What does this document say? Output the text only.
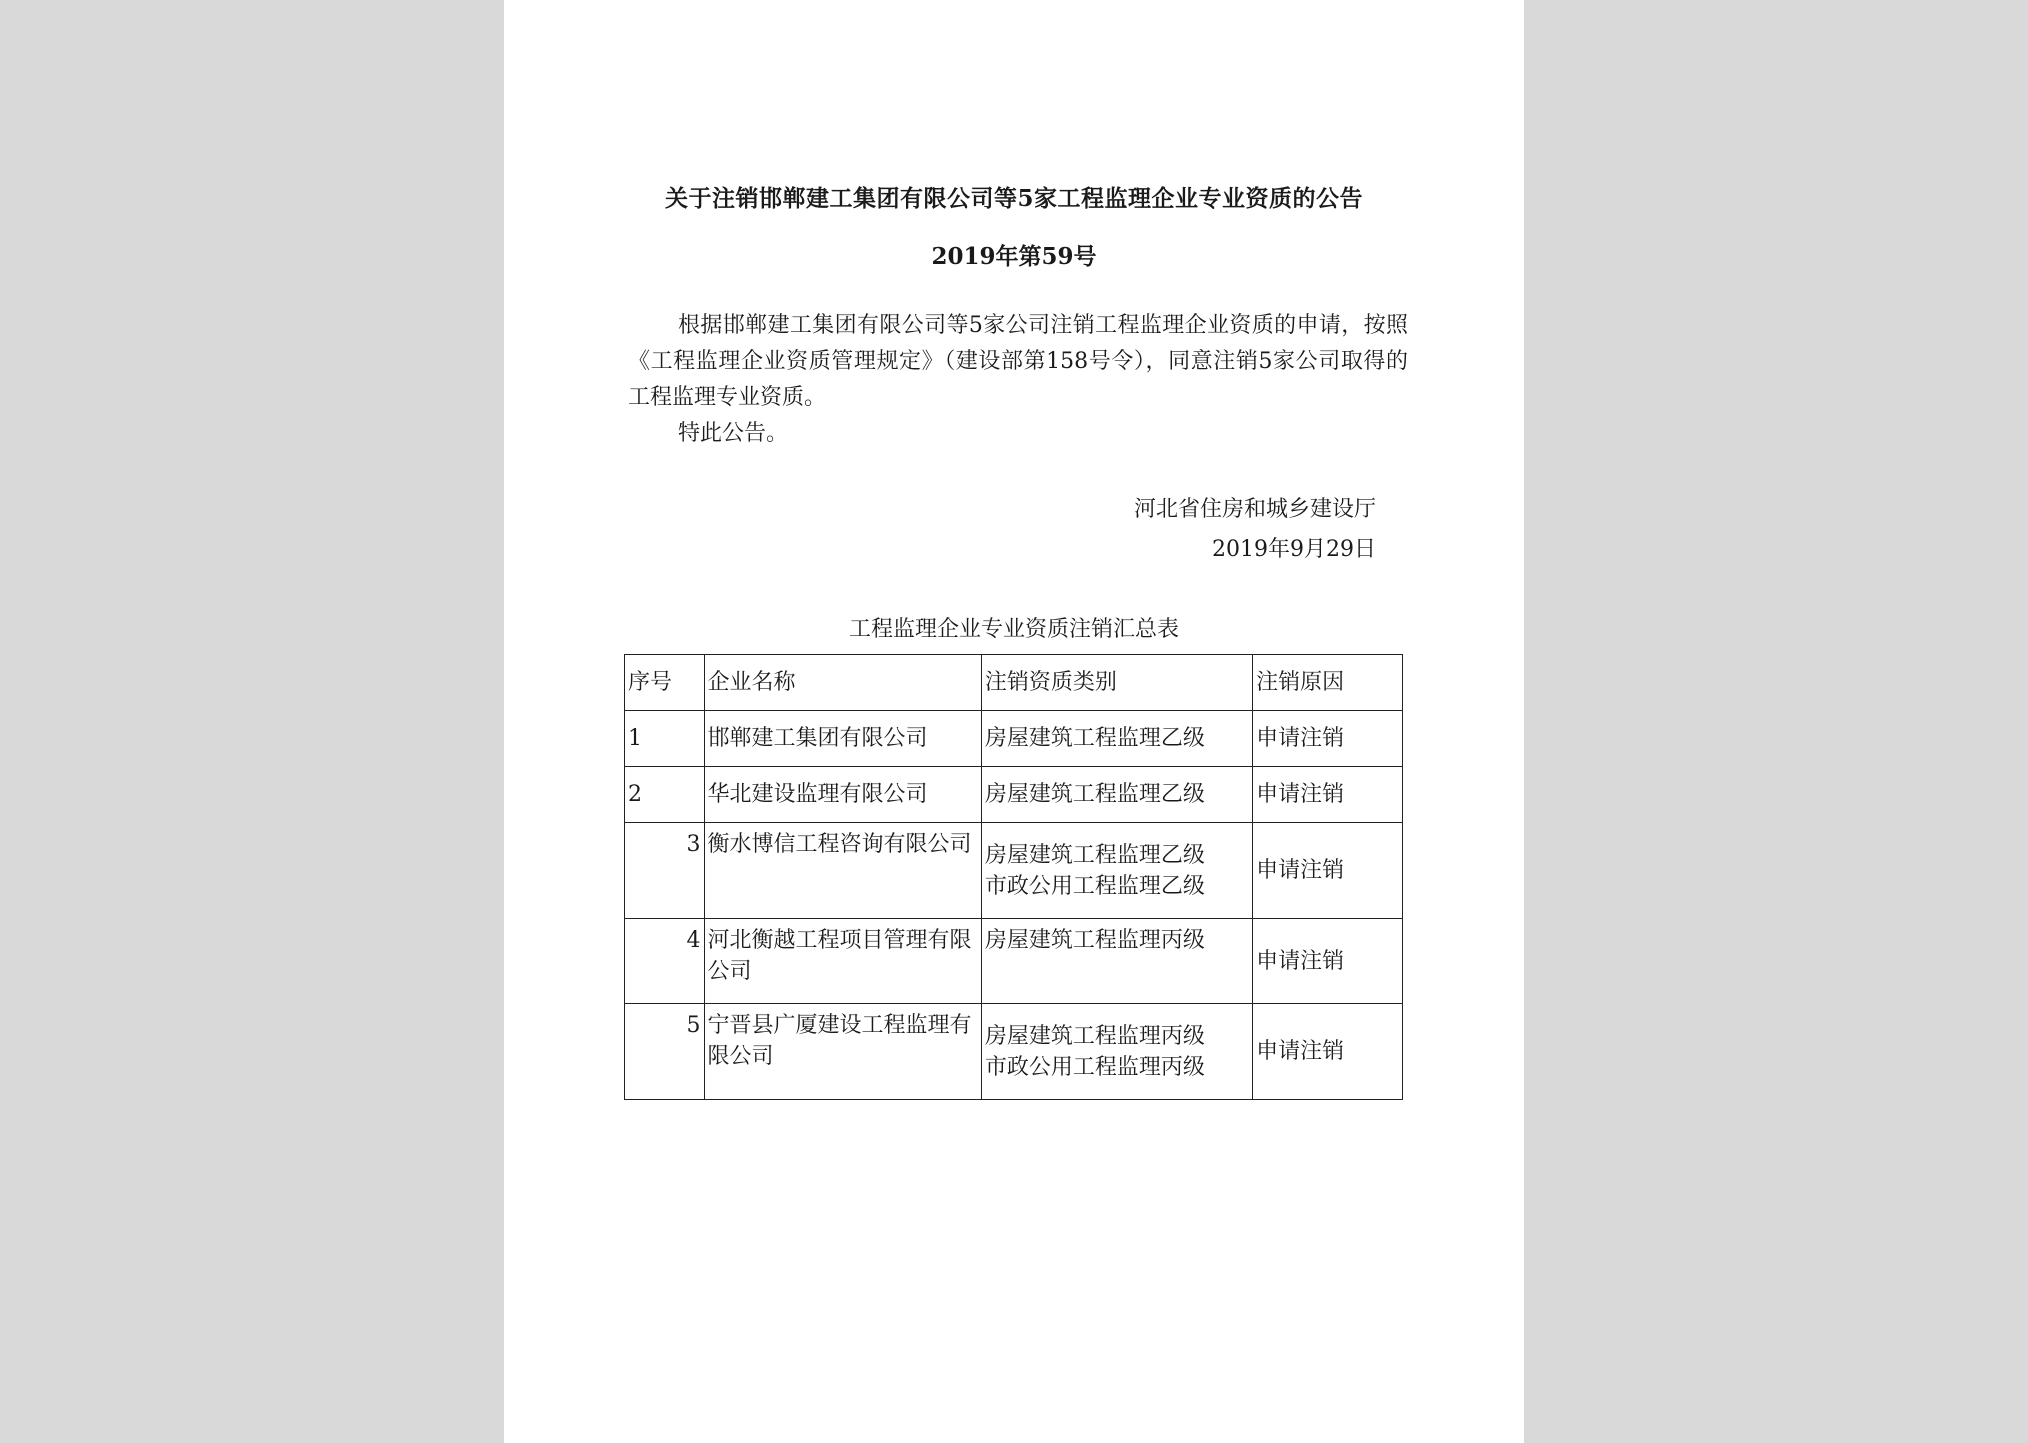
关于注销邯郸建工集团有限公司等5家工程监理企业专业资质的公告
2019年第59号

根据邯郸建工集团有限公司等5家公司注销工程监理企业资质的申请，按照《工程监理企业资质管理规定》（建设部第158号令），同意注销5家公司取得的工程监理专业资质。

特此公告。

河北省住房和城乡建设厅
2019年9月29日
工程监理企业专业资质注销汇总表
序号	企业名称	注销资质类别	注销原因
1	邯郸建工集团有限公司	房屋建筑工程监理乙级	申请注销
2	华北建设监理有限公司	房屋建筑工程监理乙级	申请注销
3	衡水博信工程咨询有限公司	房屋建筑工程监理乙级
市政公用工程监理乙级	申请注销
4	河北衡越工程项目管理有限公司	房屋建筑工程监理丙级	申请注销
5	宁晋县广厦建设工程监理有限公司	房屋建筑工程监理丙级
市政公用工程监理丙级	申请注销
